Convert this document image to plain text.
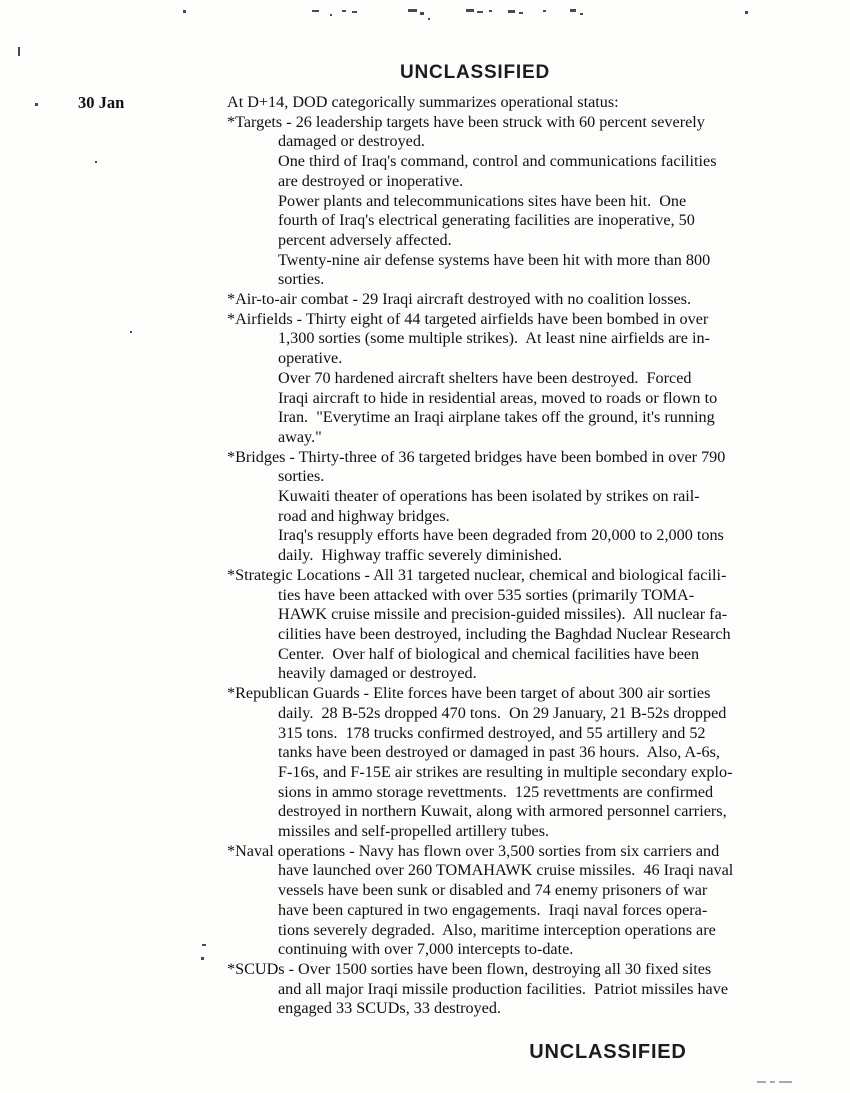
UNCLASSIFIED
30 Jan	At D+14, DOD categorically summarizes operational status:
*Targets - 26 leadership targets have been struck with 60 percent severely
damaged or destroyed.
One third of Iraq's command, control and communications facilities
are destroyed or inoperative.
Power plants and telecommunications sites have been hit.  One
fourth of Iraq's electrical generating facilities are inoperative, 50
percent adversely affected.
Twenty-nine air defense systems have been hit with more than 800
sorties.
*Air-to-air combat - 29 Iraqi aircraft destroyed with no coalition losses.
*Airfields - Thirty eight of 44 targeted airfields have been bombed in over
1,300 sorties (some multiple strikes).  At least nine airfields are in-
operative.
Over 70 hardened aircraft shelters have been destroyed.  Forced
Iraqi aircraft to hide in residential areas, moved to roads or flown to
Iran.  "Everytime an Iraqi airplane takes off the ground, it's running
away."
*Bridges - Thirty-three of 36 targeted bridges have been bombed in over 790
sorties.
Kuwaiti theater of operations has been isolated by strikes on rail-
road and highway bridges.
Iraq's resupply efforts have been degraded from 20,000 to 2,000 tons
daily.  Highway traffic severely diminished.
*Strategic Locations - All 31 targeted nuclear, chemical and biological facili-
ties have been attacked with over 535 sorties (primarily TOMA-
HAWK cruise missile and precision-guided missiles).  All nuclear fa-
cilities have been destroyed, including the Baghdad Nuclear Research
Center.  Over half of biological and chemical facilities have been
heavily damaged or destroyed.
*Republican Guards - Elite forces have been target of about 300 air sorties
daily.  28 B-52s dropped 470 tons.  On 29 January, 21 B-52s dropped
315 tons.  178 trucks confirmed destroyed, and 55 artillery and 52
tanks have been destroyed or damaged in past 36 hours.  Also, A-6s,
F-16s, and F-15E air strikes are resulting in multiple secondary explo-
sions in ammo storage revettments.  125 revettments are confirmed
destroyed in northern Kuwait, along with armored personnel carriers,
missiles and self-propelled artillery tubes.
*Naval operations - Navy has flown over 3,500 sorties from six carriers and
have launched over 260 TOMAHAWK cruise missiles.  46 Iraqi naval
vessels have been sunk or disabled and 74 enemy prisoners of war
have been captured in two engagements.  Iraqi naval forces opera-
tions severely degraded.  Also, maritime interception operations are
continuing with over 7,000 intercepts to-date.
*SCUDs - Over 1500 sorties have been flown, destroying all 30 fixed sites
and all major Iraqi missile production facilities.  Patriot missiles have
engaged 33 SCUDs, 33 destroyed.
UNCLASSIFIED
